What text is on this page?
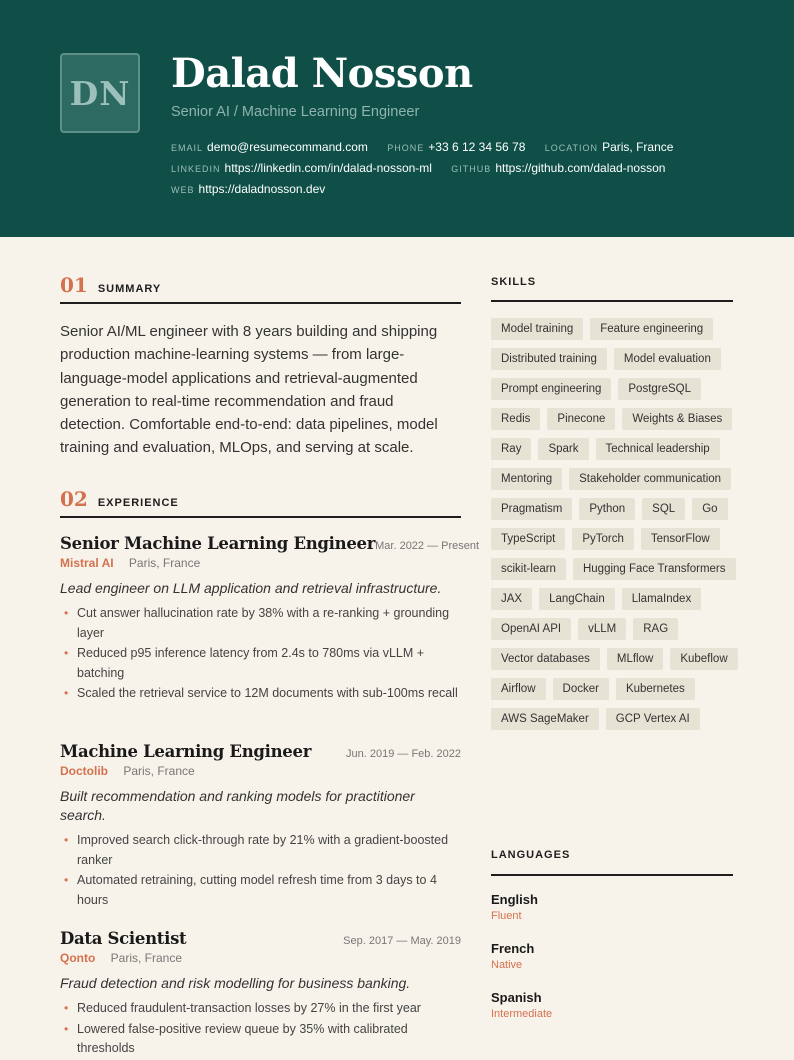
DN Dalad Nosson
Senior AI / Machine Learning Engineer
EMAIL demo@resumecommand.com PHONE +33 6 12 34 56 78 LOCATION Paris, France
LINKEDIN https://linkedin.com/in/dalad-nosson-ml GITHUB https://github.com/dalad-nosson
WEB https://daladnosson.dev
01 SUMMARY
Senior AI/ML engineer with 8 years building and shipping production machine-learning systems — from large-language-model applications and retrieval-augmented generation to real-time recommendation and fraud detection. Comfortable end-to-end: data pipelines, model training and evaluation, MLOps, and serving at scale.
02 EXPERIENCE
Senior Machine Learning Engineer Mar. 2022 — Present
Mistral AI Paris, France
Lead engineer on LLM application and retrieval infrastructure.
• Cut answer hallucination rate by 38% with a re-ranking + grounding layer
• Reduced p95 inference latency from 2.4s to 780ms via vLLM + batching
• Scaled the retrieval service to 12M documents with sub-100ms recall
Machine Learning Engineer	Jun. 2019 — Feb. 2022
Doctolib Paris, France
Built recommendation and ranking models for practitioner search.
• Improved search click-through rate by 21% with a gradient-boosted ranker
• Automated retraining, cutting model refresh time from 3 days to 4 hours
Data Scientist	Sep. 2017 — May. 2019
Qonto Paris, France
Fraud detection and risk modelling for business banking.
• Reduced fraudulent-transaction losses by 27% in the first year
• Lowered false-positive review queue by 35% with calibrated thresholds
SKILLS
Model training	Feature engineering
Distributed training	Model evaluation
Prompt engineering	PostgreSQL
Redis	Pinecone	Weights & Biases
Ray	Spark	Technical leadership
Mentoring	Stakeholder communication
Pragmatism	Python	SQL	Go
TypeScript	PyTorch	TensorFlow
scikit-learn	Hugging Face Transformers
JAX	LangChain	LlamaIndex
OpenAI API	vLLM	RAG
Vector databases	MLflow	Kubeflow
Airflow	Docker	Kubernetes
AWS SageMaker	GCP Vertex AI
LANGUAGES
English
Fluent
French
Native
Spanish
Intermediate
